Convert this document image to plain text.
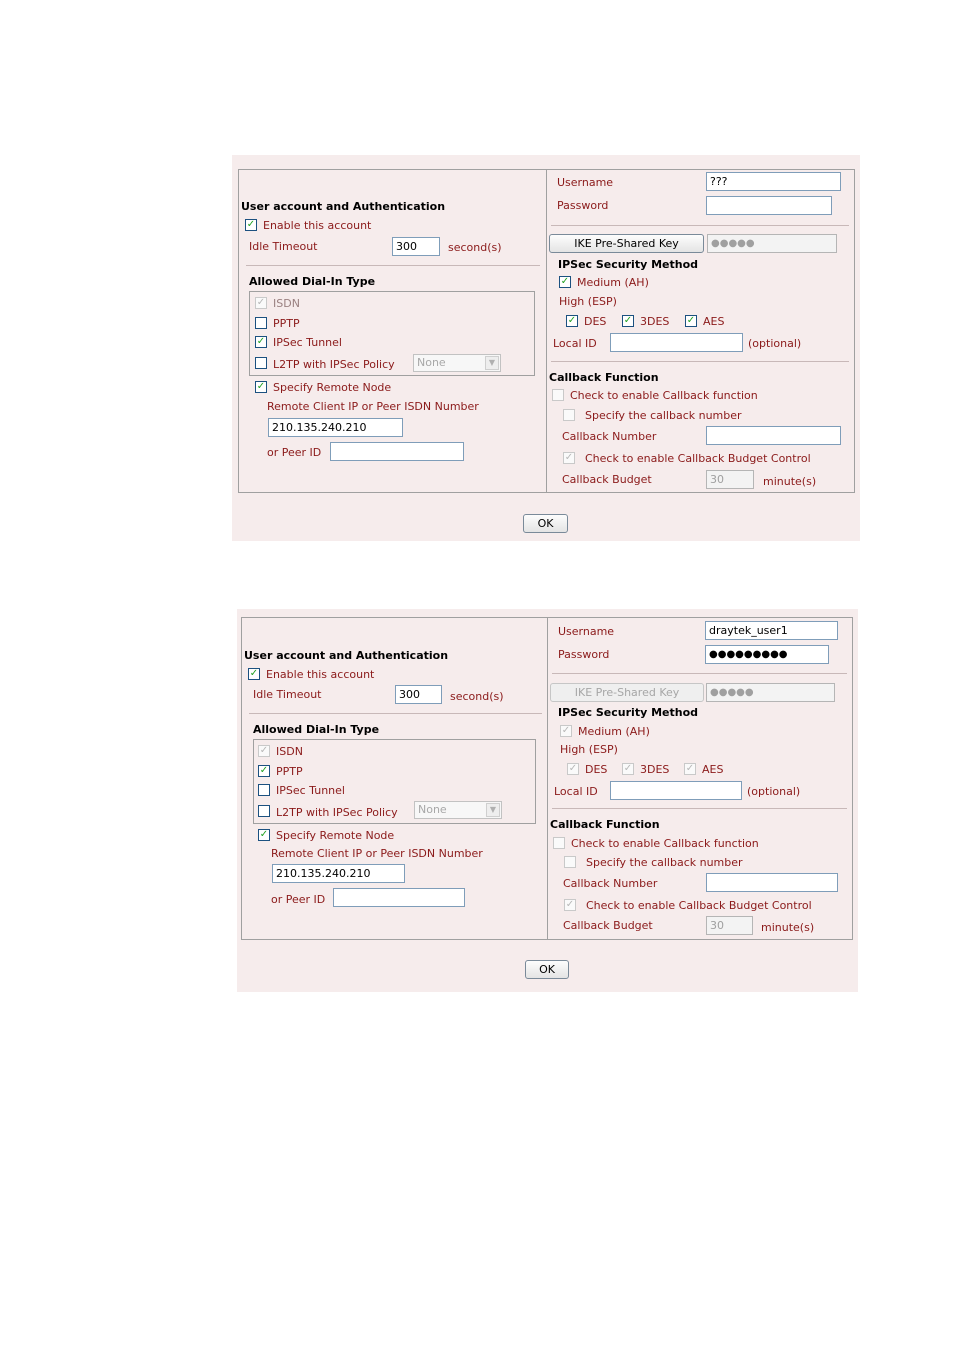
User account and Authentication
✓ Enable this account
Idle Timeout	300	second(s)
Allowed Dial-In Type
✓ ISDN
PPTP
✓ IPSec Tunnel
L2TP with IPSec Policy	None	▼
✓ Specify Remote Node
Remote Client IP or Peer ISDN Number
210.135.240.210
or Peer ID
Username	???
Password
IKE Pre-Shared Key	●●●●●
IPSec Security Method
✓ Medium (AH)
High (ESP)
✓ DES ✓ 3DES ✓ AES
Local ID	(optional)
Callback Function
Check to enable Callback function
Specify the callback number
Callback Number
✓ Check to enable Callback Budget Control
Callback Budget	30	minute(s)
OK
User account and Authentication
✓ Enable this account
Idle Timeout	300	second(s)
Allowed Dial-In Type
✓ ISDN
✓ PPTP
IPSec Tunnel
L2TP with IPSec Policy	None	▼
✓ Specify Remote Node
Remote Client IP or Peer ISDN Number
210.135.240.210
or Peer ID
Username	draytek_user1
Password	●●●●●●●●●
IKE Pre-Shared Key	●●●●●
IPSec Security Method
✓ Medium (AH)
High (ESP)
✓ DES ✓ 3DES ✓ AES
Local ID	(optional)
Callback Function
Check to enable Callback function
Specify the callback number
Callback Number
✓ Check to enable Callback Budget Control
Callback Budget	30	minute(s)
OK
